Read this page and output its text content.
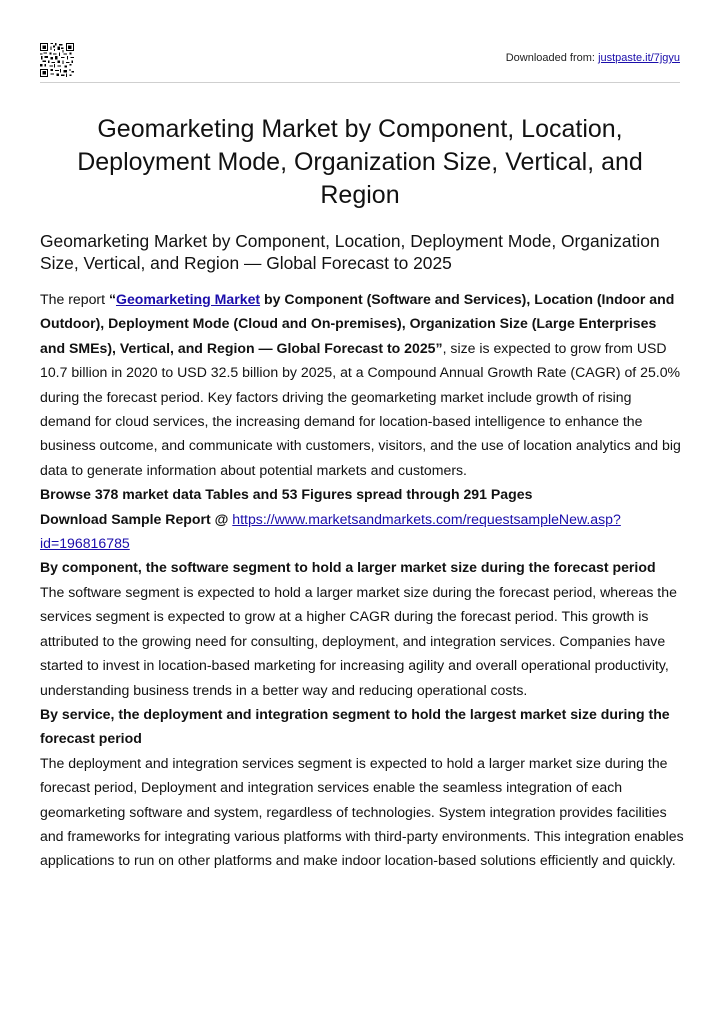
Downloaded from: justpaste.it/7jgyu
Geomarketing Market by Component, Location, Deployment Mode, Organization Size, Vertical, and Region
Geomarketing Market by Component, Location, Deployment Mode, Organization Size, Vertical, and Region — Global Forecast to 2025

The report “Geomarketing Market by Component (Software and Services), Location (Indoor and Outdoor), Deployment Mode (Cloud and On-premises), Organization Size (Large Enterprises and SMEs), Vertical, and Region — Global Forecast to 2025”, size is expected to grow from USD 10.7 billion in 2020 to USD 32.5 billion by 2025, at a Compound Annual Growth Rate (CAGR) of 25.0% during the forecast period. Key factors driving the geomarketing market include growth of rising demand for cloud services, the increasing demand for location-based intelligence to enhance the business outcome, and communicate with customers, visitors, and the use of location analytics and big data to generate information about potential markets and customers.

Browse 378 market data Tables and 53 Figures spread through 291 Pages

Download Sample Report @ https://www.marketsandmarkets.com/requestsampleNew.asp?
id=196816785

By component, the software segment to hold a larger market size during the forecast period

The software segment is expected to hold a larger market size during the forecast period, whereas the services segment is expected to grow at a higher CAGR during the forecast period. This growth is attributed to the growing need for consulting, deployment, and integration services. Companies have started to invest in location-based marketing for increasing agility and overall operational productivity, understanding business trends in a better way and reducing operational costs.

By service, the deployment and integration segment to hold the largest market size during the forecast period

The deployment and integration services segment is expected to hold a larger market size during the forecast period, Deployment and integration services enable the seamless integration of each geomarketing software and system, regardless of technologies. System integration provides facilities and frameworks for integrating various platforms with third-party environments. This integration enables applications to run on other platforms and make indoor location-based solutions efficiently and quickly.
